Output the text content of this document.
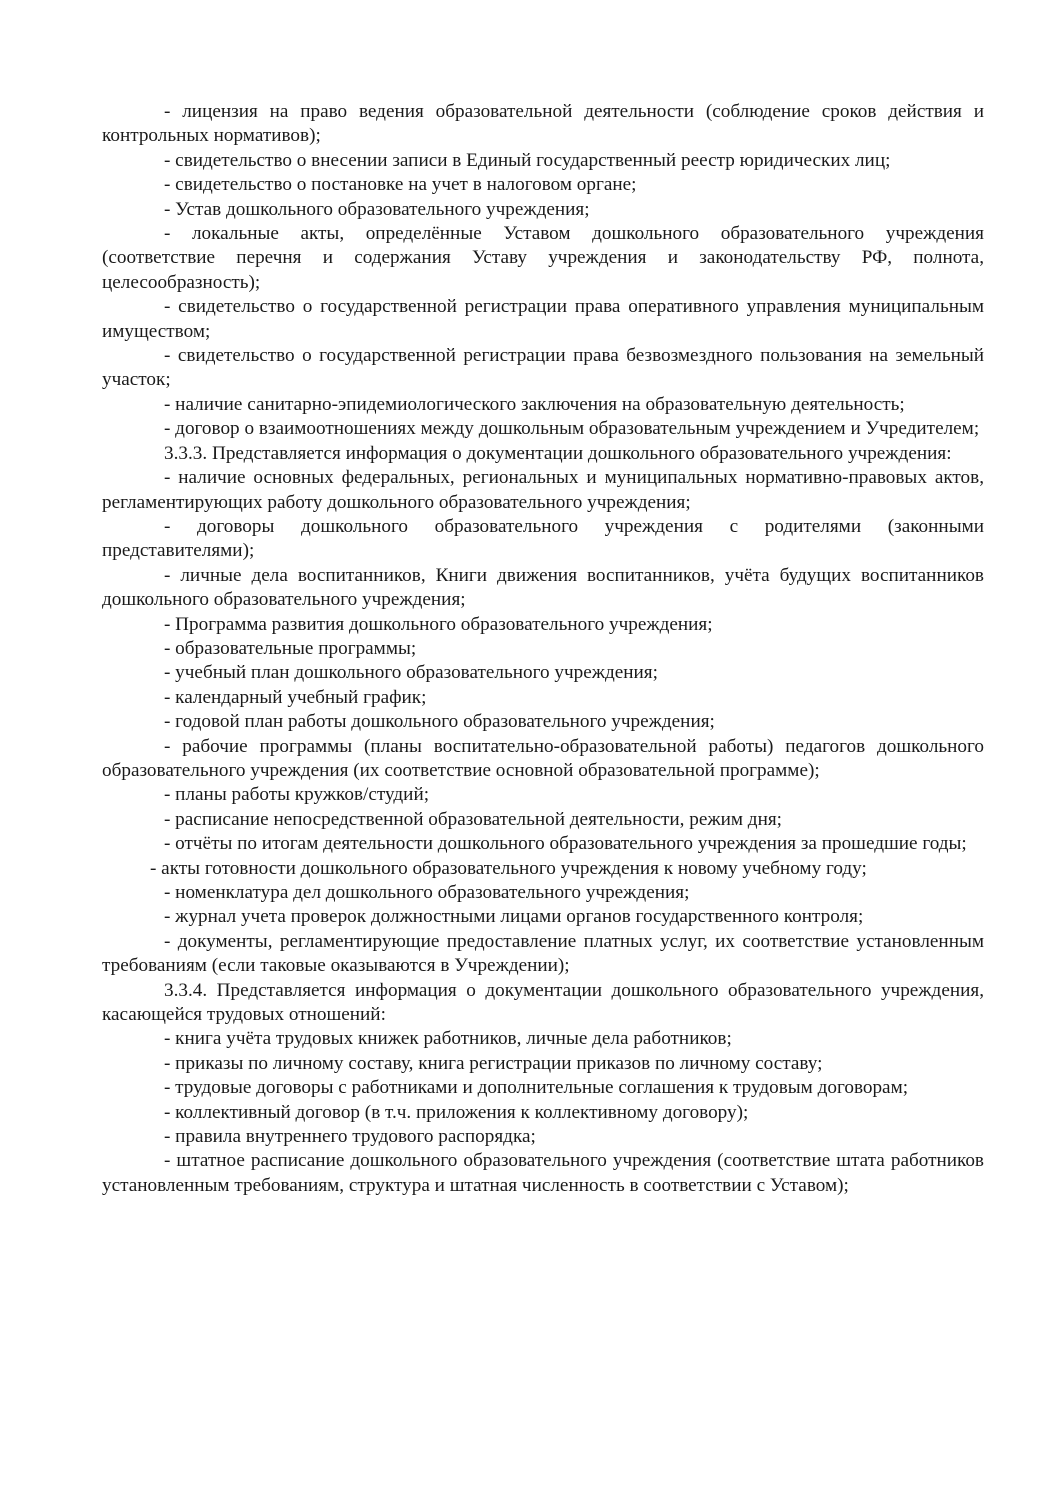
- лицензия на право ведения образовательной деятельности (соблюдение сроков действия и контрольных нормативов);

- свидетельство о внесении записи в Единый государственный реестр юридических лиц;

- свидетельство о постановке на учет в налоговом органе;

- Устав дошкольного образовательного учреждения;

- локальные акты, определённые Уставом дошкольного образовательного учреждения (соответствие перечня и содержания Уставу учреждения и законодательству РФ, полнота, целесообразность);

- свидетельство о государственной регистрации права оперативного управления муниципальным имуществом;

- свидетельство о государственной регистрации права безвозмездного пользования на земельный участок;

- наличие санитарно-эпидемиологического заключения на образовательную деятельность;

- договор о взаимоотношениях между дошкольным образовательным учреждением и Учредителем;

3.3.3. Представляется информация о документации дошкольного образовательного учреждения:

- наличие основных федеральных, региональных и муниципальных нормативно-правовых актов, регламентирующих работу дошкольного образовательного учреждения;

- договоры дошкольного образовательного учреждения с родителями (законными представителями);

- личные дела воспитанников, Книги движения воспитанников, учёта будущих воспитанников дошкольного образовательного учреждения;

- Программа развития дошкольного образовательного учреждения;

- образовательные программы;

- учебный план дошкольного образовательного учреждения;

- календарный учебный график;

- годовой план работы дошкольного образовательного учреждения;

- рабочие программы (планы воспитательно-образовательной работы) педагогов дошкольного образовательного учреждения (их соответствие основной образовательной программе);

- планы работы кружков/студий;

- расписание непосредственной образовательной деятельности, режим дня;

- отчёты по итогам деятельности дошкольного образовательного учреждения за прошедшие годы;

- акты готовности дошкольного образовательного учреждения к новому учебному году;

- номенклатура дел дошкольного образовательного учреждения;

- журнал учета проверок должностными лицами органов государственного контроля;

- документы, регламентирующие предоставление платных услуг, их соответствие установленным требованиям (если таковые оказываются в Учреждении);

3.3.4. Представляется информация о документации дошкольного образовательного учреждения, касающейся трудовых отношений:

- книга учёта трудовых книжек работников, личные дела работников;

- приказы по личному составу, книга регистрации приказов по личному составу;

- трудовые договоры с работниками и дополнительные соглашения к трудовым договорам;

- коллективный договор (в т.ч. приложения к коллективному договору);

- правила внутреннего трудового распорядка;

- штатное расписание дошкольного образовательного учреждения (соответствие штата работников установленным требованиям, структура и штатная численность в соответствии с Уставом);
